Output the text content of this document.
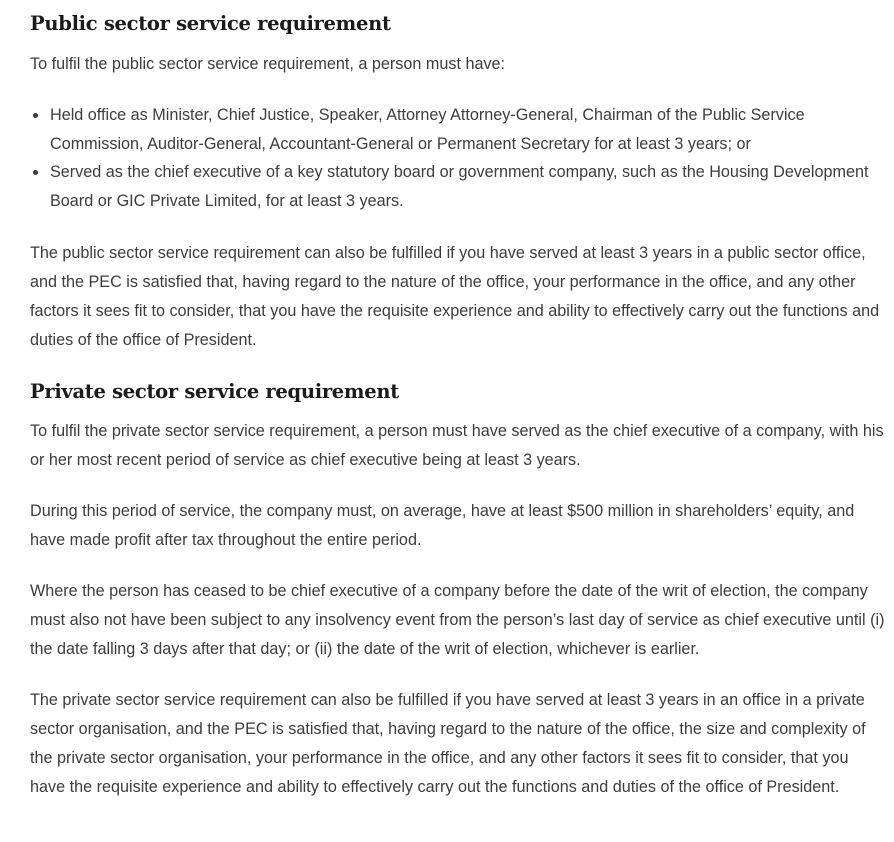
Public sector service requirement

To fulfil the public sector service requirement, a person must have:

Held office as Minister, Chief Justice, Speaker, Attorney Attorney-General, Chairman of the Public Service Commission, Auditor-General, Accountant-General or Permanent Secretary for at least 3 years; or
Served as the chief executive of a key statutory board or government company, such as the Housing Development Board or GIC Private Limited, for at least 3 years.

The public sector service requirement can also be fulfilled if you have served at least 3 years in a public sector office, and the PEC is satisfied that, having regard to the nature of the office, your performance in the office, and any other factors it sees fit to consider, that you have the requisite experience and ability to effectively carry out the functions and duties of the office of President.

Private sector service requirement

To fulfil the private sector service requirement, a person must have served as the chief executive of a company, with his or her most recent period of service as chief executive being at least 3 years.

During this period of service, the company must, on average, have at least $500 million in shareholders’ equity, and have made profit after tax throughout the entire period.

Where the person has ceased to be chief executive of a company before the date of the writ of election, the company must also not have been subject to any insolvency event from the person’s last day of service as chief executive until (i) the date falling 3 days after that day; or (ii) the date of the writ of election, whichever is earlier.

The private sector service requirement can also be fulfilled if you have served at least 3 years in an office in a private sector organisation, and the PEC is satisfied that, having regard to the nature of the office, the size and complexity of the private sector organisation, your performance in the office, and any other factors it sees fit to consider, that you have the requisite experience and ability to effectively carry out the functions and duties of the office of President.
